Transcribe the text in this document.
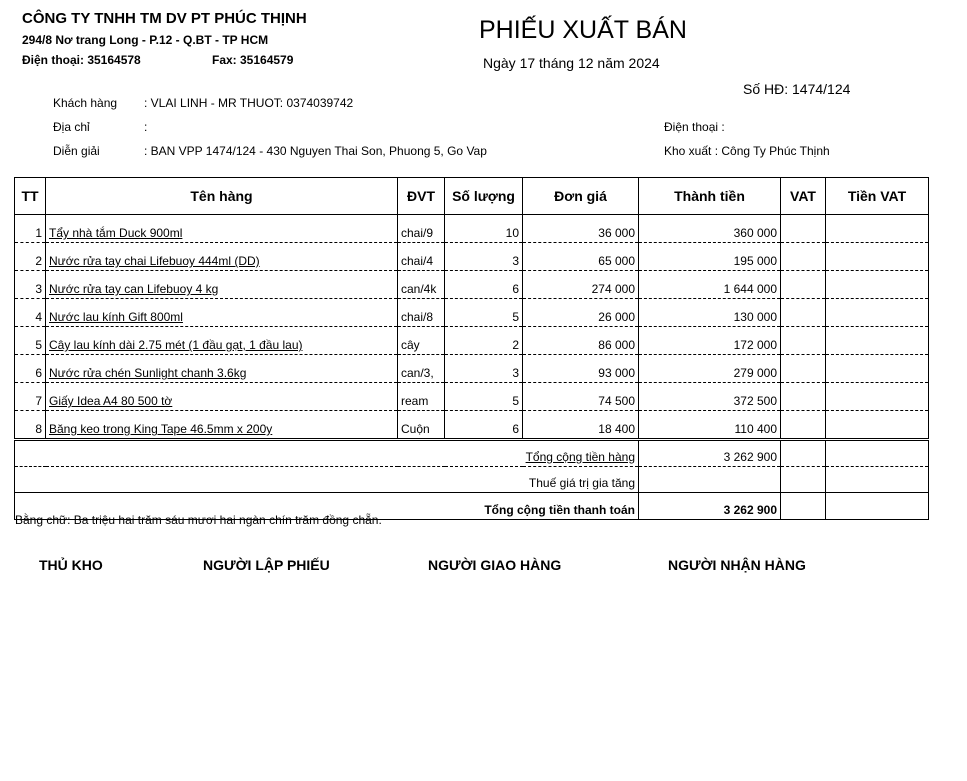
CÔNG TY TNHH TM DV PT PHÚC THỊNH
294/8 Nơ trang Long - P.12 - Q.BT - TP HCM
Điện thoại: 35164578	Fax: 35164579
PHIẾU XUẤT BÁN
Ngày 17 tháng 12 năm 2024
Số HĐ: 1474/124
Khách hàng : VLAI LINH - MR THUOT: 0374039742
Địa chỉ	:
Diễn giải	: BAN VPP 1474/124 - 430 Nguyen Thai Son, Phuong 5, Go Vap
Điện thoại :
Kho xuất : Công Ty Phúc Thịnh
TT	Tên hàng	ĐVT	Số lượng	Đơn giá	Thành tiền	VAT	Tiền VAT
1	Tẩy nhà tắm Duck 900ml	chai/9	10	36 000	360 000		
2	Nước rửa tay chai Lifebuoy 444ml (DD)	chai/4	3	65 000	195 000		
3	Nước rửa tay can Lifebuoy 4 kg	can/4k	6	274 000	1 644 000		
4	Nước lau kính Gift 800ml	chai/8	5	26 000	130 000		
5	Cây lau kính dài 2.75 mét (1 đầu gạt, 1 đầu lau)	cây	2	86 000	172 000		
6	Nước rửa chén Sunlight chanh 3.6kg	can/3,	3	93 000	279 000		
7	Giấy Idea A4 80 500 tờ	ream	5	74 500	372 500		
8	Băng keo trong King Tape 46.5mm x 200y	Cuộn	6	18 400	110 400		
Tổng cộng tiền hàng					3 262 900		
Thuế giá trị gia tăng							
Tổng cộng tiền thanh toán					3 262 900		
Bằng chữ: Ba triệu hai trăm sáu mươi hai ngàn chín trăm đồng chẵn.
THỦ KHO	NGƯỜI LẬP PHIẾU	NGƯỜI GIAO HÀNG	NGƯỜI NHẬN HÀNG
